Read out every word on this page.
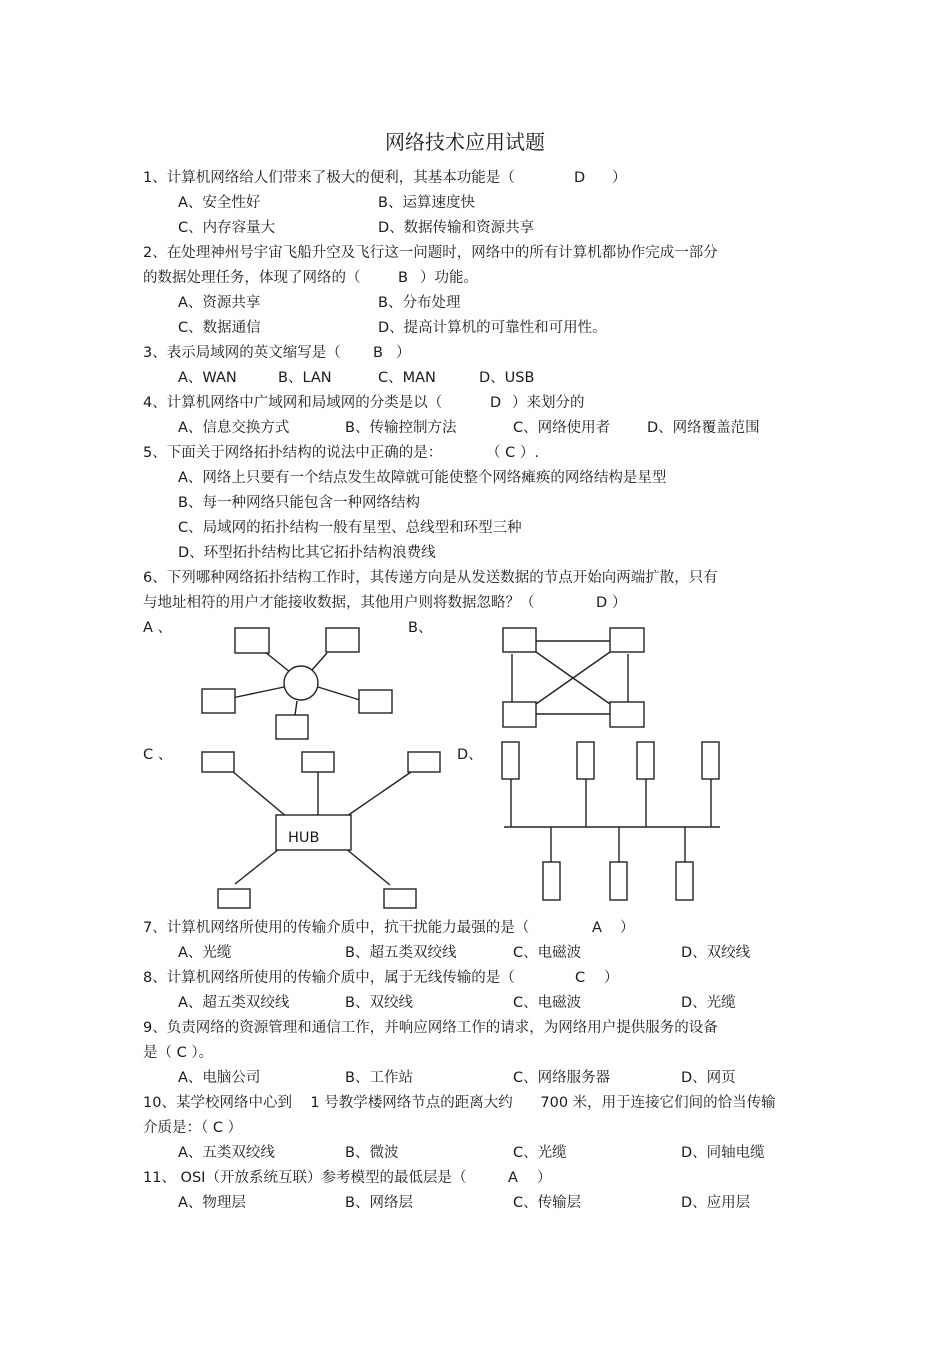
网络技术应用试题
1、计算机网络给人们带来了极大的便利，其基本功能是（	D ）
A、安全性好	B、运算速度快
C、内存容量大	D、数据传输和资源共享
2、在处理神州号宇宙飞船升空及飞行这一问题时，网络中的所有计算机都协作完成一部分
的数据处理任务，体现了网络的（	B ）功能。
A、资源共享	B、分布处理
C、数据通信	D、提高计算机的可靠性和可用性。
3、表示局域网的英文缩写是（ B ）
A、WAN	B、LAN	C、MAN	D、USB
4、计算机网络中广域网和局域网的分类是以（	D ）来划分的
A、信息交换方式	B、传输控制方法	C、网络使用者	D、网络覆盖范围
5、下面关于网络拓扑结构的说法中正确的是：	（ C ）.
A、网络上只要有一个结点发生故障就可能使整个网络瘫痪的网络结构是星型
B、每一种网络只能包含一种网络结构
C、局域网的拓扑结构一般有星型、总线型和环型三种
D、环型拓扑结构比其它拓扑结构浪费线
6、下列哪种网络拓扑结构工作时，其传递方向是从发送数据的节点开始向两端扩散，只有
与地址相符的用户才能接收数据，其他用户则将数据忽略？（	D ）
A 、	B、
C 、	D、
HUB
7、计算机网络所使用的传输介质中，抗干扰能力最强的是（	A ）
A、光缆	B、超五类双绞线	C、电磁波	D、双绞线
8、计算机网络所使用的传输介质中，属于无线传输的是（	C ）
A、超五类双绞线	B、双绞线	C、电磁波	D、光缆
9、负责网络的资源管理和通信工作，并响应网络工作的请求，为网络用户提供服务的设备
是（ C ）。
A、电脑公司	B、工作站	C、网络服务器	D、网页
10、某学校网络中心到    1 号教学楼网络节点的距离大约      700 米，用于连接它们间的恰当传输
介质是：（ C ）
A、五类双绞线	B、微波	C、光缆	D、同轴电缆
11、 OSI（开放系统互联）参考模型的最低层是（	A ）
A、物理层	B、网络层	C、传输层	D、应用层
